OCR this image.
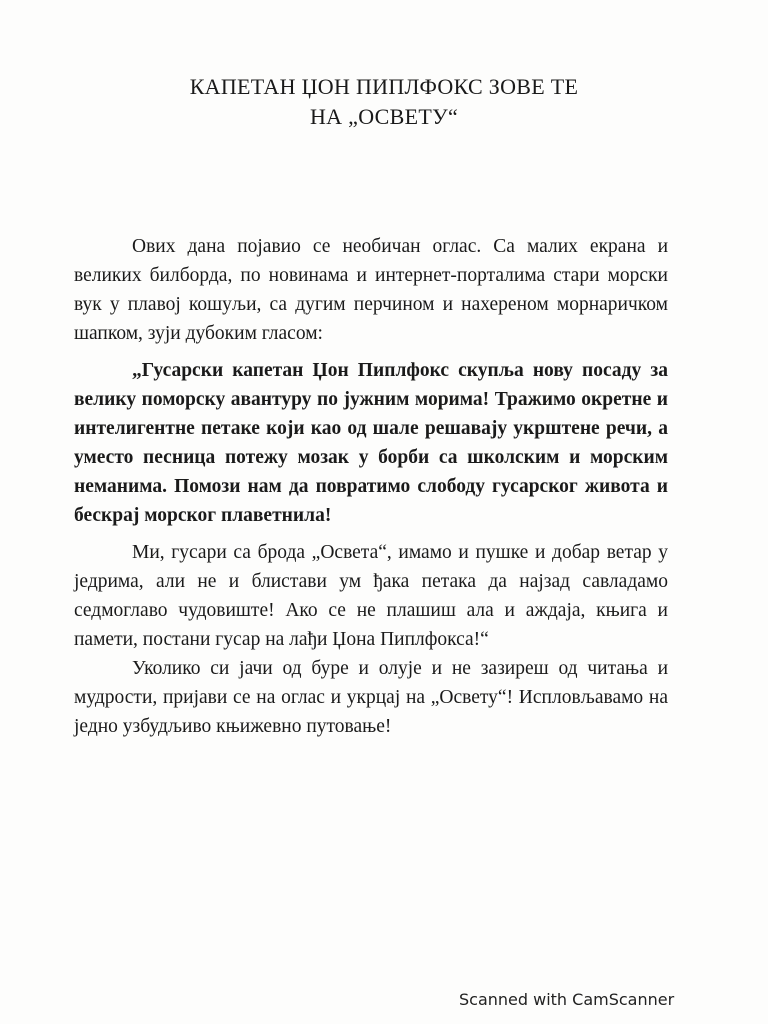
КАПЕТАН ЏОН ПИПЛФОКС ЗОВЕ ТЕ
НА „ОСВЕТУ“

Ових дана појавио се необичан оглас. Са малих екрана и великих билборда, по новинама и интернет-порталима стари морски вук у плавој кошуљи, са дугим перчином и нахереном морнаричком шапком, зуји дубоким гласом:

„Гусарски капетан Џон Пиплфокс скупља нову посаду за велику поморску авантуру по јужним морима! Тражимо окретне и интелигентне петаке који као од шале решавају укрштене речи, а уместо песница потежу мозак у борби са школским и морским неманима. Помози нам да повратимо слободу гусарског живота и бескрај морског плаветнила!

Ми, гусари са брода „Освета“, имамо и пушке и добар ветар у једрима, али не и блистави ум ђака петака да најзад савладамо седмоглаво чудовиште! Ако се не плашиш ала и аждаја, књига и памети, постани гусар на лађи Џона Пиплфокса!“

Уколико си јачи од буре и олује и не зазиреш од читања и мудрости, пријави се на оглас и укрцај на „Освету“! Испловљавамо на једно узбудљиво књижевно путовање!

Scanned with CamScanner
